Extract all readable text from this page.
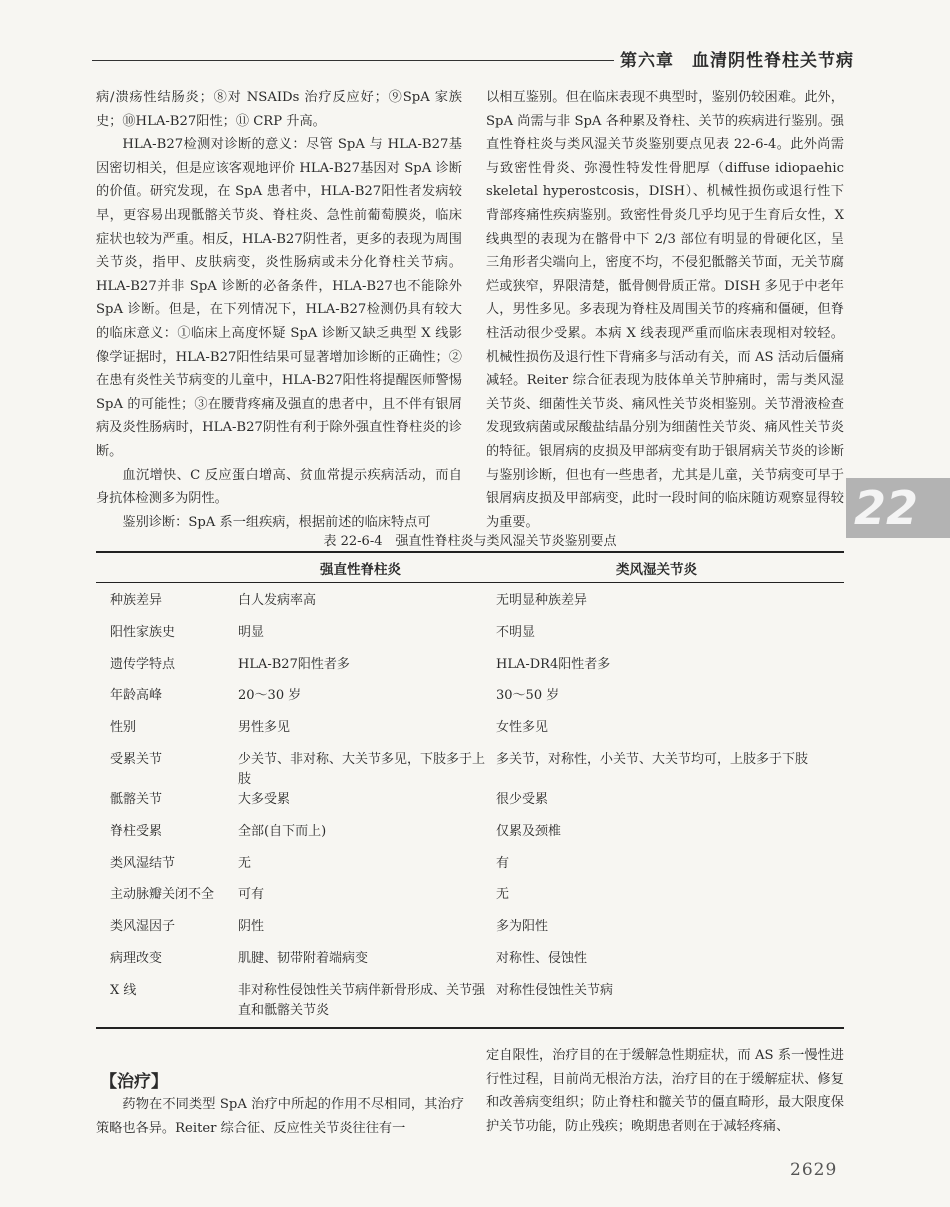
第六章　血清阴性脊柱关节病

病/溃疡性结肠炎；⑧对 NSAIDs 治疗反应好；⑨SpA 家族史；⑩HLA-B27阳性；⑪ CRP 升高。

HLA-B27检测对诊断的意义：尽管 SpA 与 HLA-B27基因密切相关，但是应该客观地评价 HLA-B27基因对 SpA 诊断的价值。研究发现，在 SpA 患者中，HLA-B27阳性者发病较早，更容易出现骶髂关节炎、脊柱炎、急性前葡萄膜炎，临床症状也较为严重。相反，HLA-B27阴性者，更多的表现为周围关节炎，指甲、皮肤病变，炎性肠病或未分化脊柱关节病。HLA-B27并非 SpA 诊断的必备条件，HLA-B27也不能除外 SpA 诊断。但是，在下列情况下，HLA-B27检测仍具有较大的临床意义：①临床上高度怀疑 SpA 诊断又缺乏典型 X 线影像学证据时，HLA-B27阳性结果可显著增加诊断的正确性；②在患有炎性关节病变的儿童中，HLA-B27阳性将提醒医师警惕 SpA 的可能性；③在腰背疼痛及强直的患者中，且不伴有银屑病及炎性肠病时，HLA-B27阴性有利于除外强直性脊柱炎的诊断。

血沉增快、C 反应蛋白增高、贫血常提示疾病活动，而自身抗体检测多为阴性。

鉴别诊断：SpA 系一组疾病，根据前述的临床特点可

以相互鉴别。但在临床表现不典型时，鉴别仍较困难。此外，SpA 尚需与非 SpA 各种累及脊柱、关节的疾病进行鉴别。强直性脊柱炎与类风湿关节炎鉴别要点见表 22-6-4。此外尚需与致密性骨炎、弥漫性特发性骨肥厚（diffuse idiopaehic skeletal hyperostcosis，DISH）、机械性损伤或退行性下背部疼痛性疾病鉴别。致密性骨炎几乎均见于生育后女性，X 线典型的表现为在髂骨中下 2/3 部位有明显的骨硬化区，呈三角形者尖端向上，密度不均，不侵犯骶髂关节面，无关节腐烂或狭窄，界限清楚，骶骨侧骨质正常。DISH 多见于中老年人，男性多见。多表现为脊柱及周围关节的疼痛和僵硬，但脊柱活动很少受累。本病 X 线表现严重而临床表现相对较轻。机械性损伤及退行性下背痛多与活动有关，而 AS 活动后僵痛减轻。Reiter 综合征表现为肢体单关节肿痛时，需与类风湿关节炎、细菌性关节炎、痛风性关节炎相鉴别。关节滑液检查发现致病菌或尿酸盐结晶分别为细菌性关节炎、痛风性关节炎的特征。银屑病的皮损及甲部病变有助于银屑病关节炎的诊断与鉴别诊断，但也有一些患者，尤其是儿童，关节病变可早于银屑病皮损及甲部病变，此时一段时间的临床随访观察显得较为重要。	22
表 22-6-4　强直性脊柱炎与类风湿关节炎鉴别要点
	强直性脊柱炎	类风湿关节炎
种族差异	白人发病率高	无明显种族差异
阳性家族史	明显	不明显
遗传学特点	HLA-B27阳性者多	HLA-DR4阳性者多
年龄高峰	20～30 岁	30～50 岁
性别	男性多见	女性多见
受累关节	少关节、非对称、大关节多见，下肢多于上肢	多关节，对称性，小关节、大关节均可，上肢多于下肢
骶髂关节	大多受累	很少受累
脊柱受累	全部(自下而上)	仅累及颈椎
类风湿结节	无	有
主动脉瓣关闭不全	可有	无
类风湿因子	阴性	多为阳性
病理改变	肌腱、韧带附着端病变	对称性、侵蚀性
X 线	非对称性侵蚀性关节病伴新骨形成、关节强直和骶髂关节炎	对称性侵蚀性关节病
【治疗】

药物在不同类型 SpA 治疗中所起的作用不尽相同，其治疗策略也各异。Reiter 综合征、反应性关节炎往往有一

定自限性，治疗目的在于缓解急性期症状，而 AS 系一慢性进行性过程，目前尚无根治方法，治疗目的在于缓解症状、修复和改善病变组织；防止脊柱和髋关节的僵直畸形，最大限度保护关节功能，防止残疾；晚期患者则在于减轻疼痛、

2629
